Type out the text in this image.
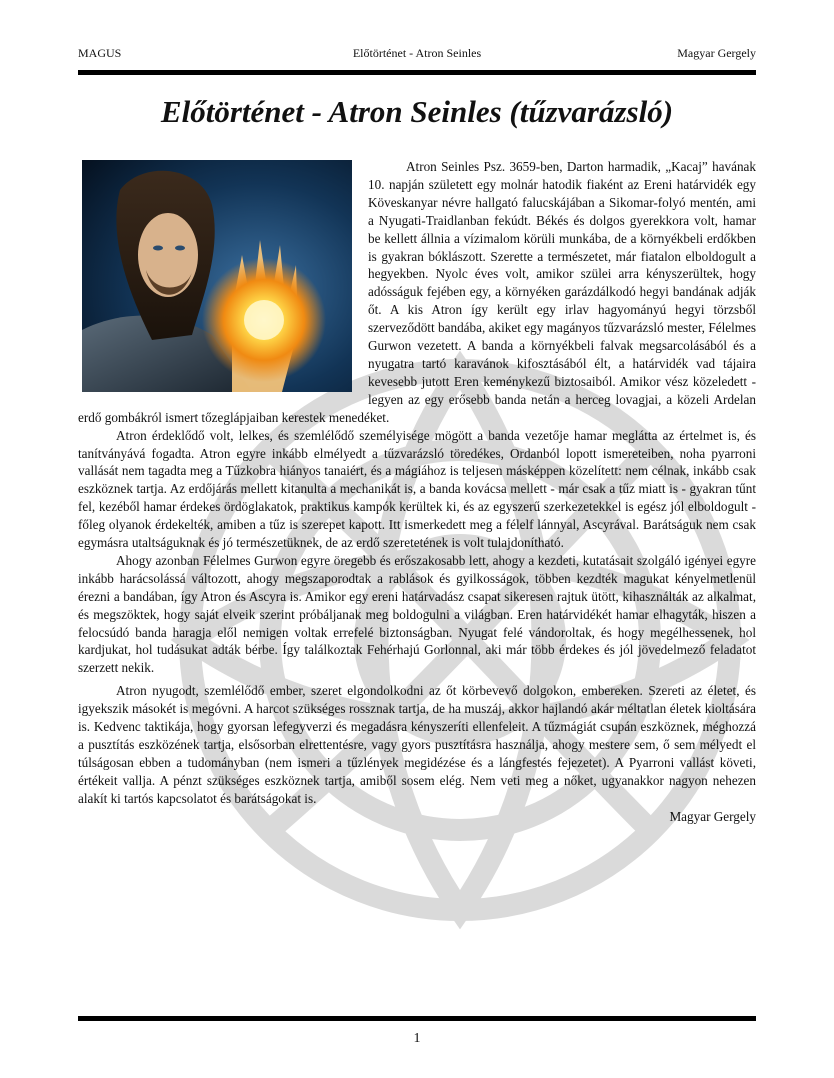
MAGUS	Előtörténet - Atron Seinles	Magyar Gergely
Előtörténet - Atron Seinles (tűzvarázsló)

Atron Seinles Psz. 3659-ben, Darton harmadik, „Kacaj” havának 10. napján született egy molnár hatodik fiaként az Ereni határvidék egy Köveskanyar névre hallgató falucskájában a Sikomar-folyó mentén, ami a Nyugati-Traidlanban fekúdt. Békés és dolgos gyerekkora volt, hamar be kellett állnia a vízimalom körüli munkába, de a környékbeli erdőkben is gyakran bóklászott. Szerette a természetet, már fiatalon elboldogult a hegyekben. Nyolc éves volt, amikor szülei arra kényszerültek, hogy adósságuk fejében egy, a környéken garázdálkodó hegyi bandának adják őt. A kis Atron így került egy irlav hagyományú hegyi törzsből szerveződött bandába, akiket egy magányos tűzvarázsló mester, Félelmes Gurwon vezetett. A banda a környékbeli falvak megsarcolásából és a nyugatra tartó karavánok kifosztásából élt, a határvidék vad tájaira kevesebb jutott Eren keménykezű biztosaiból. Amikor vész közeledett - legyen az egy erősebb banda netán a herceg lovagjai, a közeli Ardelan erdő gombákról ismert tőzeglápjaiban kerestek menedéket.

Atron érdeklődő volt, lelkes, és szemlélődő személyisége mögött a banda vezetője hamar meglátta az értelmet is, és tanítványává fogadta. Atron egyre inkább elmélyedt a tűzvarázsló töredékes, Ordanból lopott ismereteiben, noha pyarroni vallását nem tagadta meg a Tűzkobra hiányos tanaiért, és a mágiához is teljesen másképpen közelített: nem célnak, inkább csak eszköznek tartja. Az erdőjárás mellett kitanulta a mechanikát is, a banda kovácsa mellett - már csak a tűz miatt is - gyakran tűnt fel, kezéből hamar érdekes ördöglakatok, praktikus kampók kerültek ki, és az egyszerű szerkezetekkel is egész jól elboldogult - főleg olyanok érdekelték, amiben a tűz is szerepet kapott. Itt ismerkedett meg a félelf lánnyal, Ascyrával. Barátságuk nem csak egymásra utaltságuknak és jó természetüknek, de az erdő szeretetének is volt tulajdonítható.

Ahogy azonban Félelmes Gurwon egyre öregebb és erőszakosabb lett, ahogy a kezdeti, kutatásait szolgáló igényei egyre inkább harácsolássá változott, ahogy megszaporodtak a rablások és gyilkosságok, többen kezdték magukat kényelmetlenül érezni a bandában, így Atron és Ascyra is. Amikor egy ereni határvadász csapat sikeresen rajtuk ütött, kihasználták az alkalmat, és megszöktek, hogy saját elveik szerint próbáljanak meg boldogulni a világban. Eren határvidékét hamar elhagyták, hiszen a felocsúdó banda haragja elől nemigen voltak errefelé biztonságban. Nyugat felé vándoroltak, és hogy megélhessenek, hol kardjukat, hol tudásukat adták bérbe. Így találkoztak Fehérhajú Gorlonnal, aki már több érdekes és jól jövedelmező feladatot szerzett nekik.

Atron nyugodt, szemlélődő ember, szeret elgondolkodni az őt körbevevő dolgokon, embereken. Szereti az életet, és igyekszik másokét is megóvni. A harcot szükséges rossznak tartja, de ha muszáj, akkor hajlandó akár méltatlan életek kioltására is. Kedvenc taktikája, hogy gyorsan lefegyverzi és megadásra kényszeríti ellenfeleit. A tűzmágiát csupán eszköznek, méghozzá a pusztítás eszközének tartja, elsősorban elrettentésre, vagy gyors pusztításra használja, ahogy mestere sem, ő sem mélyedt el túlságosan ebben a tudományban (nem ismeri a tűzlények megidézése és a lángfestés fejezetet). A Pyarroni vallást követi, értékeit vallja. A pénzt szükséges eszköznek tartja, amiből sosem elég. Nem veti meg a nőket, ugyanakkor nagyon nehezen alakít ki tartós kapcsolatot és barátságokat is.

Magyar Gergely

1
